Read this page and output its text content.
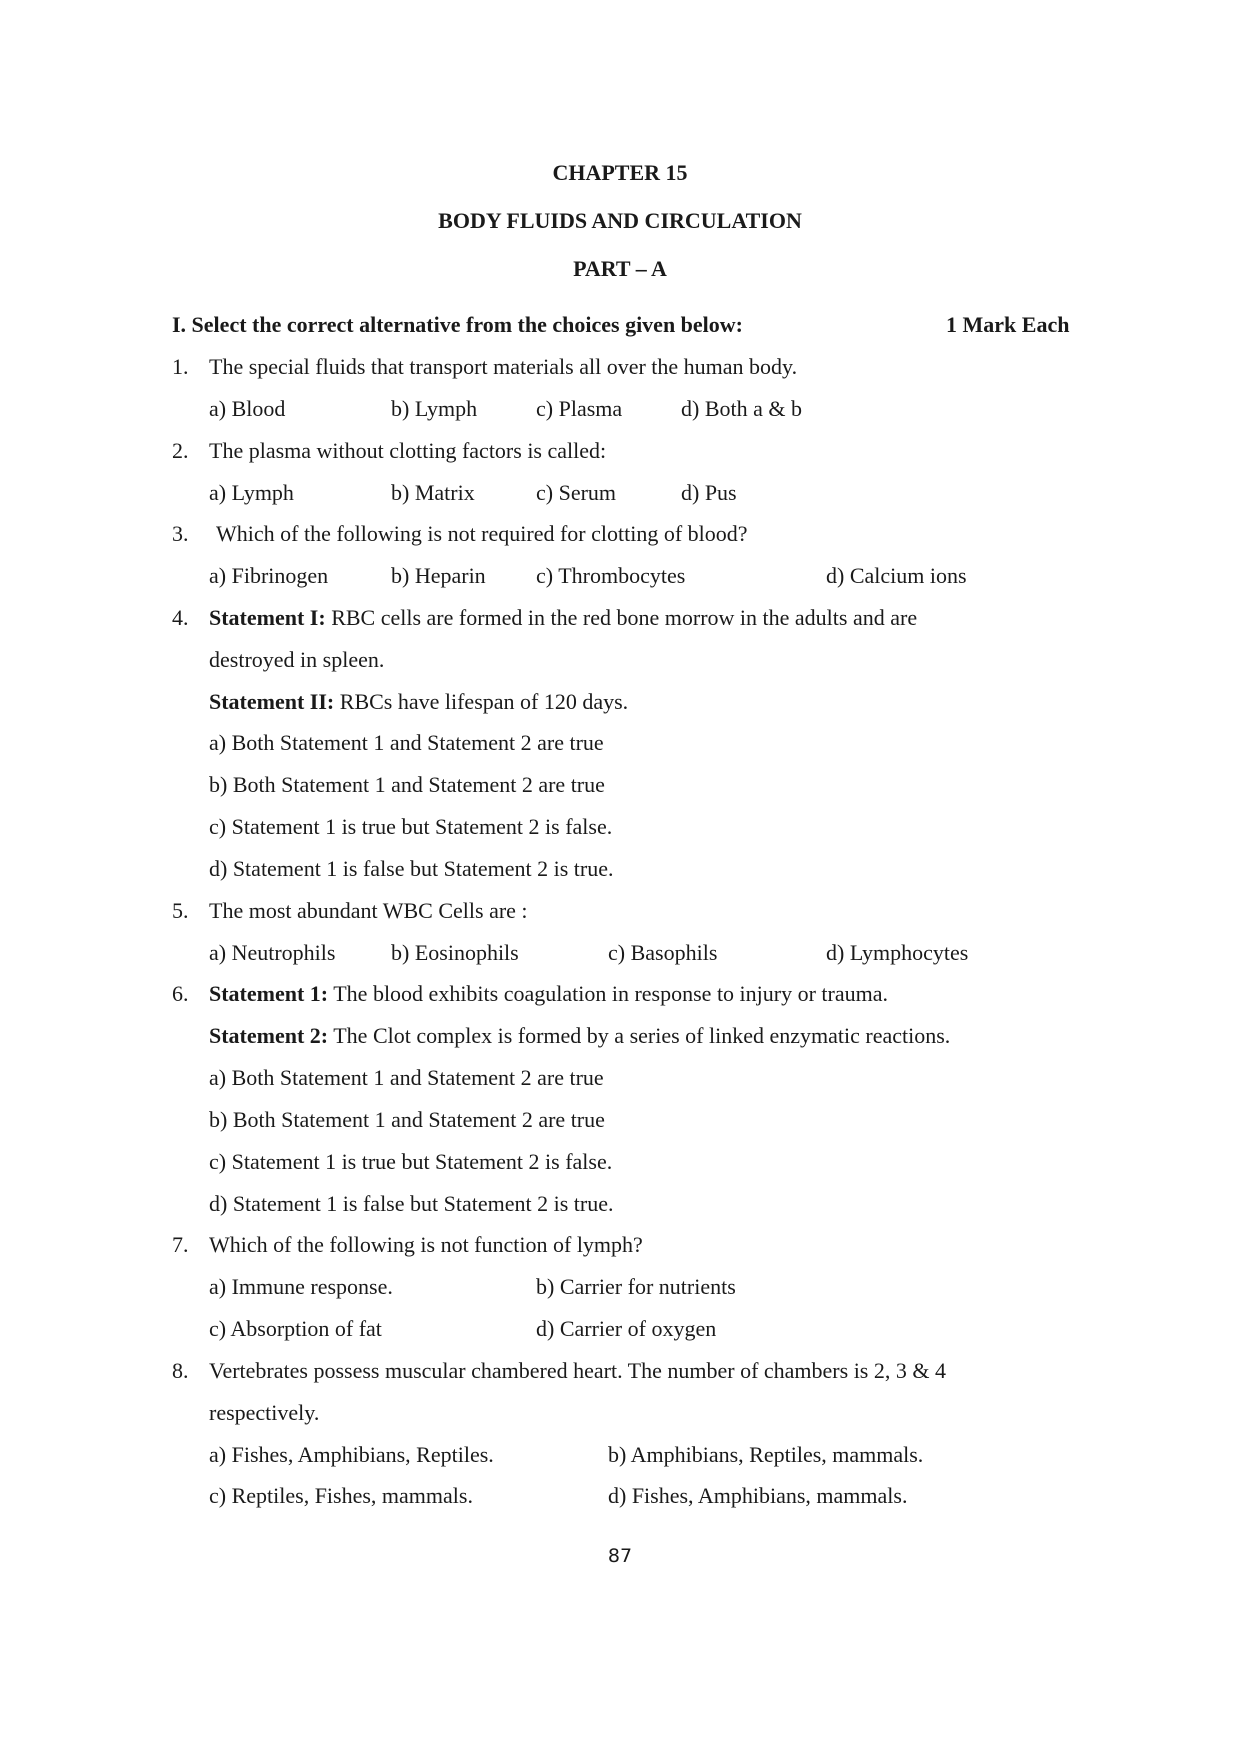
CHAPTER 15
BODY FLUIDS AND CIRCULATION
PART – A
I. Select the correct alternative from the choices given below:	1 Mark Each
1. The special fluids that transport materials all over the human body.
a) Blood	b) Lymph	c) Plasma	d) Both a & b
2. The plasma without clotting factors is called:
a) Lymph	b) Matrix	c) Serum	d) Pus
3. Which of the following is not required for clotting of blood?
a) Fibrinogen	b) Heparin c) Thrombocytes	d) Calcium ions
4. Statement I: RBC cells are formed in the red bone morrow in the adults and are
destroyed in spleen.
Statement II: RBCs have lifespan of 120 days.
a) Both Statement 1 and Statement 2 are true
b) Both Statement 1 and Statement 2 are true
c) Statement 1 is true but Statement 2 is false.
d) Statement 1 is false but Statement 2 is true.
5. The most abundant WBC Cells are :
a) Neutrophils	b) Eosinophils	c) Basophils	d) Lymphocytes
6. Statement 1: The blood exhibits coagulation in response to injury or trauma.
Statement 2: The Clot complex is formed by a series of linked enzymatic reactions.
a) Both Statement 1 and Statement 2 are true
b) Both Statement 1 and Statement 2 are true
c) Statement 1 is true but Statement 2 is false.
d) Statement 1 is false but Statement 2 is true.
7. Which of the following is not function of lymph?
a) Immune response.	b) Carrier for nutrients
c) Absorption of fat	d) Carrier of oxygen
8. Vertebrates possess muscular chambered heart. The number of chambers is 2, 3 & 4
respectively.
a) Fishes, Amphibians, Reptiles.	b) Amphibians, Reptiles, mammals.
c) Reptiles, Fishes, mammals.	d) Fishes, Amphibians, mammals.
87
